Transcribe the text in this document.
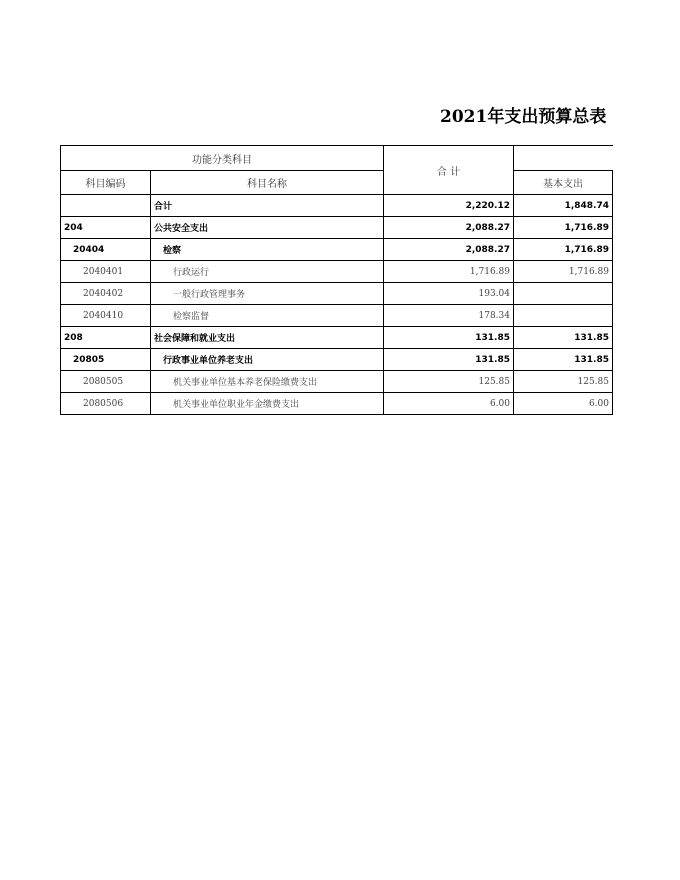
2021年支出预算总表
功能分类科目		合 计	
科目编码	科目名称		基本支出
	合计	2,220.12	1,848.74
204	公共安全支出	2,088.27	1,716.89
20404	检察	2,088.27	1,716.89
2040401	行政运行	1,716.89	1,716.89
2040402	一般行政管理事务	193.04	
2040410	检察监督	178.34	
208	社会保障和就业支出	131.85	131.85
20805	行政事业单位养老支出	131.85	131.85
2080505	机关事业单位基本养老保险缴费支出	125.85	125.85
2080506	机关事业单位职业年金缴费支出	6.00	6.00
